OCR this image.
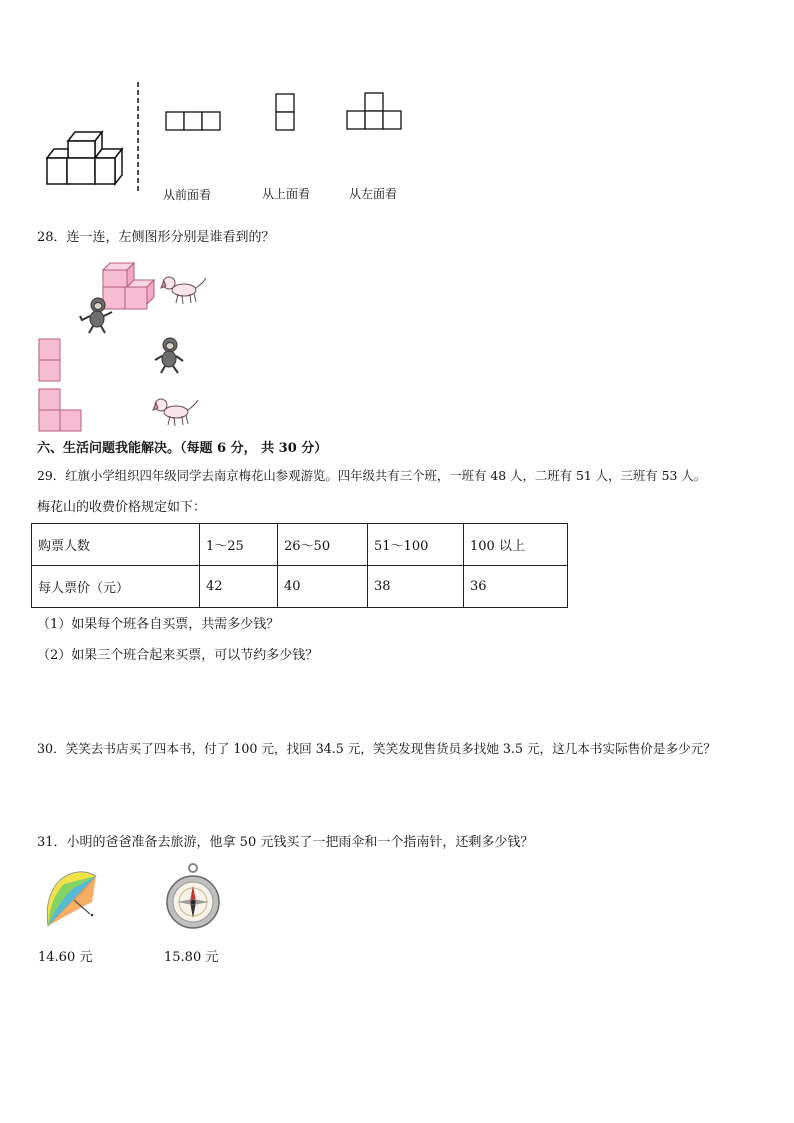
从前面看	从上面看	从左面看
28．连一连，左侧图形分别是谁看到的？
六、生活问题我能解决。（每题 6 分， 共 30 分）
29．红旗小学组织四年级同学去南京梅花山参观游览。四年级共有三个班，一班有 48 人，二班有 51 人，三班有 53 人。
梅花山的收费价格规定如下：
购票人数	1～25	26～50	51～100	100 以上
每人票价（元）	42	40	38	36
（1）如果每个班各自买票，共需多少钱？
（2）如果三个班合起来买票，可以节约多少钱？
30．笑笑去书店买了四本书，付了 100 元，找回 34.5 元，笑笑发现售货员多找她 3.5 元，这几本书实际售价是多少元？
31．小明的爸爸准备去旅游，他拿 50 元钱买了一把雨伞和一个指南针，还剩多少钱？
14.60 元	15.80 元
